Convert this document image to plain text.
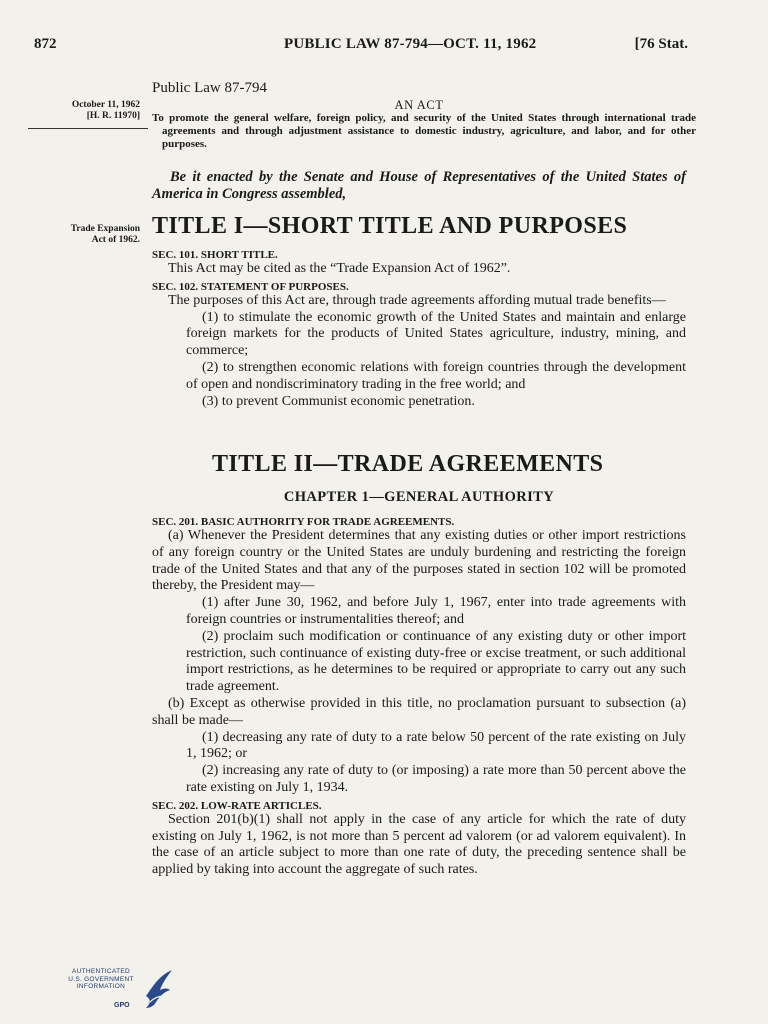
872	PUBLIC LAW 87-794—OCT. 11, 1962	[76 Stat.
October 11, 1962
[H. R. 11970]
Trade Expansion
Act of 1962.
Public Law 87-794
AN ACT
To promote the general welfare, foreign policy, and security of the United States through international trade agreements and through adjustment assistance to domestic industry, agriculture, and labor, and for other purposes.
Be it enacted by the Senate and House of Representatives of the United States of America in Congress assembled,
TITLE I—SHORT TITLE AND PURPOSES
SEC. 101. SHORT TITLE.
This Act may be cited as the “Trade Expansion Act of 1962”.
SEC. 102. STATEMENT OF PURPOSES.
The purposes of this Act are, through trade agreements affording mutual trade benefits—
(1) to stimulate the economic growth of the United States and maintain and enlarge foreign markets for the products of United States agriculture, industry, mining, and commerce;
(2) to strengthen economic relations with foreign countries through the development of open and nondiscriminatory trading in the free world; and
(3) to prevent Communist economic penetration.
TITLE II—TRADE AGREEMENTS
CHAPTER 1—GENERAL AUTHORITY
SEC. 201. BASIC AUTHORITY FOR TRADE AGREEMENTS.
(a) Whenever the President determines that any existing duties or other import restrictions of any foreign country or the United States are unduly burdening and restricting the foreign trade of the United States and that any of the purposes stated in section 102 will be promoted thereby, the President may—
(1) after June 30, 1962, and before July 1, 1967, enter into trade agreements with foreign countries or instrumentalities thereof; and
(2) proclaim such modification or continuance of any existing duty or other import restriction, such continuance of existing duty-free or excise treatment, or such additional import restrictions, as he determines to be required or appropriate to carry out any such trade agreement.
(b) Except as otherwise provided in this title, no proclamation pursuant to subsection (a) shall be made—
(1) decreasing any rate of duty to a rate below 50 percent of the rate existing on July 1, 1962; or
(2) increasing any rate of duty to (or imposing) a rate more than 50 percent above the rate existing on July 1, 1934.
SEC. 202. LOW-RATE ARTICLES.
Section 201(b)(1) shall not apply in the case of any article for which the rate of duty existing on July 1, 1962, is not more than 5 percent ad valorem (or ad valorem equivalent). In the case of an article subject to more than one rate of duty, the preceding sentence shall be applied by taking into account the aggregate of such rates.
AUTHENTICATED
U.S. GOVERNMENT
INFORMATION
GPO
